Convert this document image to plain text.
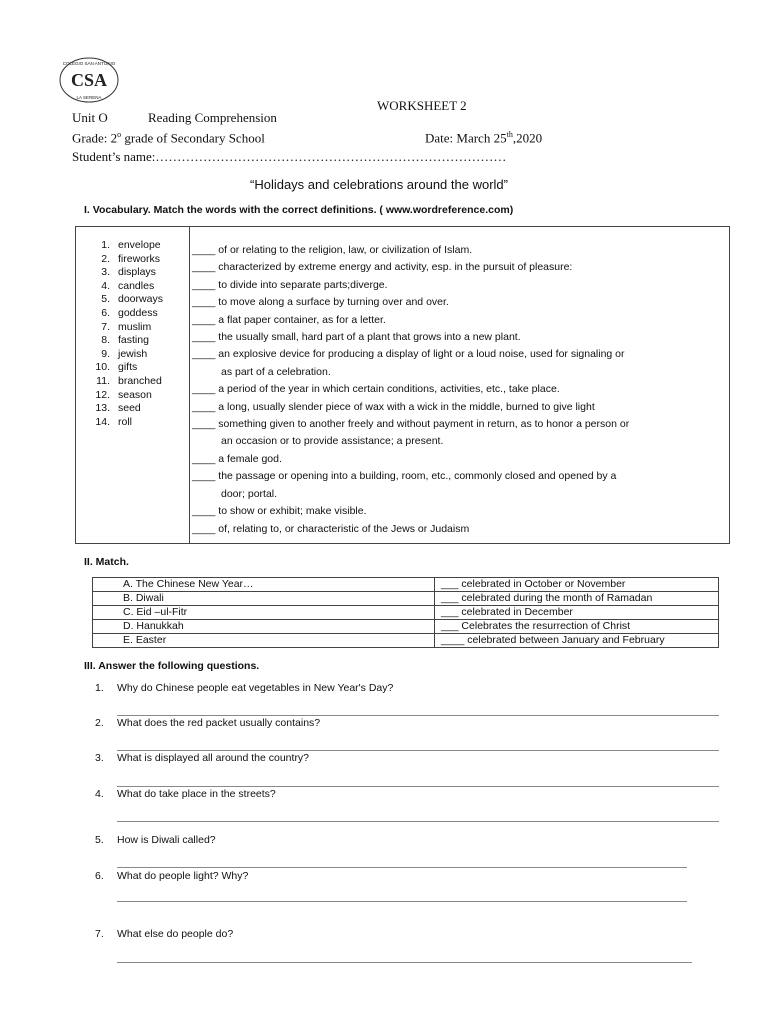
CSA
COLÉGIO SAN ANTONIO
LA SERENA
WORKSHEET 2
Unit O	Reading Comprehension
Grade: 2$^o$ grade of Secondary School	Date: March 25th,2020
Student’s name:………………………………………………………………………
“Holidays and celebrations around the world”
I. Vocabulary. Match the words with the correct definitions. ( www.wordreference.com)
1. envelope
2. fireworks
3. displays
4. candles
5. doorways
6. goddess
7. muslim
8. fasting
9. jewish
10. gifts
11. branched
12. season
13. seed
14. roll
____ of or relating to the religion, law, or civilization of Islam.
____ characterized by extreme energy and activity, esp. in the pursuit of pleasure:
____ to divide into separate parts;diverge.
____ to move along a surface by turning over and over.
____ a flat paper container, as for a letter.
____ the usually small, hard part of a plant that grows into a new plant.
____ an explosive device for producing a display of light or a loud noise, used for signaling or
as part of a celebration.
____ a period of the year in which certain conditions, activities, etc., take place.
____ a long, usually slender piece of wax with a wick in the middle, burned to give light
____ something given to another freely and without payment in return, as to honor a person or
an occasion or to provide assistance; a present.
____ a female god.
____ the passage or opening into a building, room, etc., commonly closed and opened by a
door; portal.
____ to show or exhibit; make visible.
____ of, relating to, or characteristic of the Jews or Judaism
II. Match.
A. The Chinese New Year…	___ celebrated in October or November
B. Diwali	___ celebrated during the month of Ramadan
C. Eid –ul-Fitr	___ celebrated in December
D. Hanukkah	___ Celebrates the resurrection of Christ
E. Easter	____ celebrated between January and February
III. Answer the following questions.
1.	Why do Chinese people eat vegetables in New Year's Day?
2.	What does the red packet usually contains?
3.	What is displayed all around the country?
4.	What do take place in the streets?
5.	How is Diwali called?
6.	What do people light? Why?
7.	What else do people do?
